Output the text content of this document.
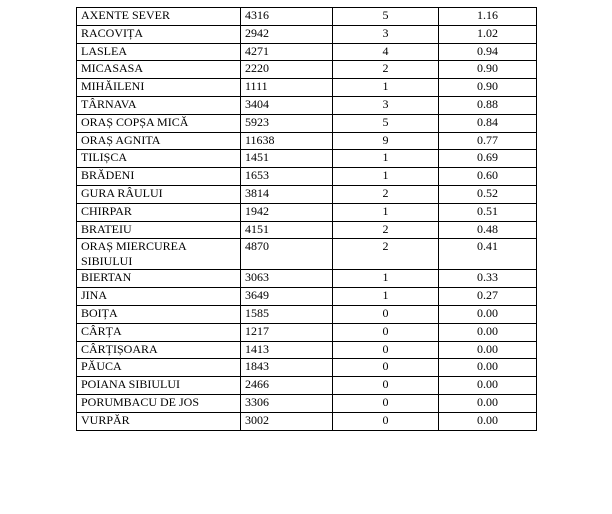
AXENTE SEVER	4316	5	1.16
RACOVIȚA	2942	3	1.02
LASLEA	4271	4	0.94
MICASASA	2220	2	0.90
MIHĂILENI	1111	1	0.90
TÂRNAVA	3404	3	0.88
ORAȘ COPȘA MICĂ	5923	5	0.84
ORAȘ AGNITA	11638	9	0.77
TILIȘCA	1451	1	0.69
BRĂDENI	1653	1	0.60
GURA RÂULUI	3814	2	0.52
CHIRPAR	1942	1	0.51
BRATEIU	4151	2	0.48
ORAȘ MIERCUREA SIBIULUI	4870	2	0.41
BIERTAN	3063	1	0.33
JINA	3649	1	0.27
BOIȚA	1585	0	0.00
CÂRȚA	1217	0	0.00
CÂRȚIȘOARA	1413	0	0.00
PĂUCA	1843	0	0.00
POIANA SIBIULUI	2466	0	0.00
PORUMBACU DE JOS	3306	0	0.00
VURPĂR	3002	0	0.00
